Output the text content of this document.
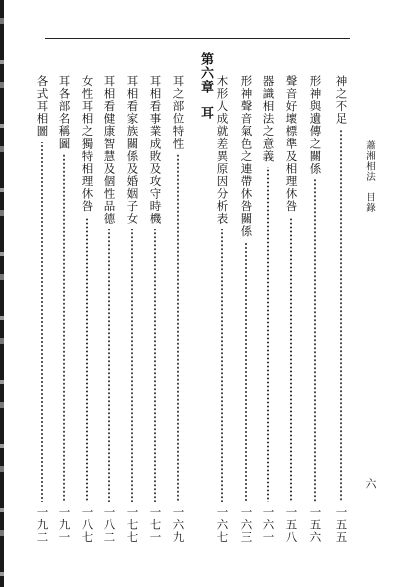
蕭湘相法目錄
六
第六章耳	神之不足
一五五
形神與遺傳之關係
一五六
聲音好壞標準及相理休咎
一五八
器識相法之意義
一六一
形神聲音氣色之連帶休咎關係
一六三
木形人成就差異原因分析表
一六七
耳之部位特性
一六九
耳相看事業成敗及攻守時機
一七一
耳相看家族關係及婚姻子女
一七七
耳相看健康智慧及個性品德
一八二
女性耳相之獨特相理休咎
一八七
耳各部名稱圖
一九一
各式耳相圖
一九二
